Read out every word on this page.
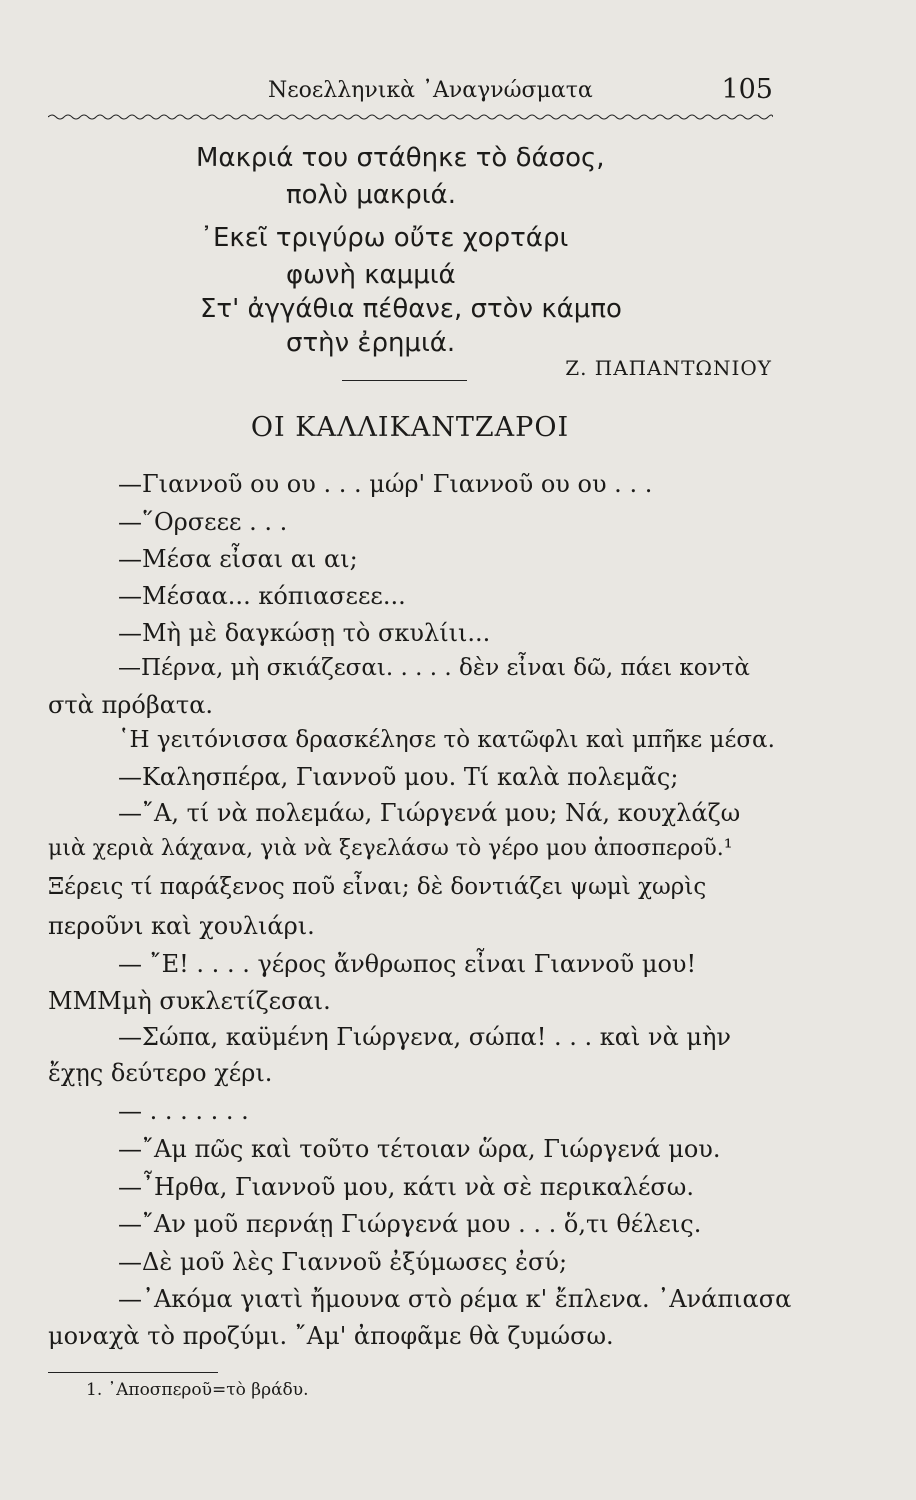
Νεοελληνικὰ ᾿Αναγνώσματα	105
Μακριά του στάθηκε τὸ δάσος,
πολὺ μακριά.
᾿Εκεῖ τριγύρω οὔτε χορτάρι
φωνὴ καμμιά
Στ' ἀγγάθια πέθανε, στὸν κάμπο
στὴν ἐρημιά.
Ζ. ΠΑΠΑΝΤΩΝΙΟΥ
ΟΙ ΚΑΛΛΙΚΑΝΤΖΑΡΟΙ
—Γιαννοῦ ου ου . . . μώρ' Γιαννοῦ ου ου . . .
—῞Ορσεεε . . .
—Μέσα εἶσαι αι αι;
—Μέσαα... κόπιασεεε...
—Μὴ μὲ δαγκώσῃ τὸ σκυλίιι...
—Πέρνα, μὴ σκιάζεσαι. . . . . δὲν εἶναι δῶ, πάει κοντὰ
στὰ πρόβατα.
῾Η γειτόνισσα δρασκέλησε τὸ κατῶφλι καὶ μπῆκε μέσα.
—Καλησπέρα, Γιαννοῦ μου. Τί καλὰ πολεμᾶς;
—῎Α, τί νὰ πολεμάω, Γιώργενά μου; Νά, κουχλάζω
μιὰ χεριὰ λάχανα, γιὰ νὰ ξεγελάσω τὸ γέρο μου ἀποσπεροῦ.¹
Ξέρεις τί παράξενος ποῦ εἶναι; δὲ δοντιάζει ψωμὶ χωρὶς
περοῦνι καὶ χουλιάρι.
— ῎Ε! . . . . γέρος ἄνθρωπος εἶναι Γιαννοῦ μου!
ΜΜΜμὴ συκλετίζεσαι.
—Σώπα, καϋμένη Γιώργενα, σώπα! . . . καὶ νὰ μὴν
ἔχῃς δεύτερο χέρι.
— . . . . . . .
—῎Αμ πῶς καὶ τοῦτο τέτοιαν ὥρα, Γιώργενά μου.
—῏Ηρθα, Γιαννοῦ μου, κάτι νὰ σὲ περικαλέσω.
—῎Αν μοῦ περνάῃ Γιώργενά μου . . . ὅ,τι θέλεις.
—Δὲ μοῦ λὲς Γιαννοῦ ἐξύμωσες ἐσύ;
—᾿Ακόμα γιατὶ ἤμουνα στὸ ρέμα κ' ἔπλενα. ᾿Ανάπιασα
μοναχὰ τὸ προζύμι. ῎Αμ' ἀποφᾶμε θὰ ζυμώσω.
1. ᾿Αποσπεροῦ=τὸ βράδυ.
